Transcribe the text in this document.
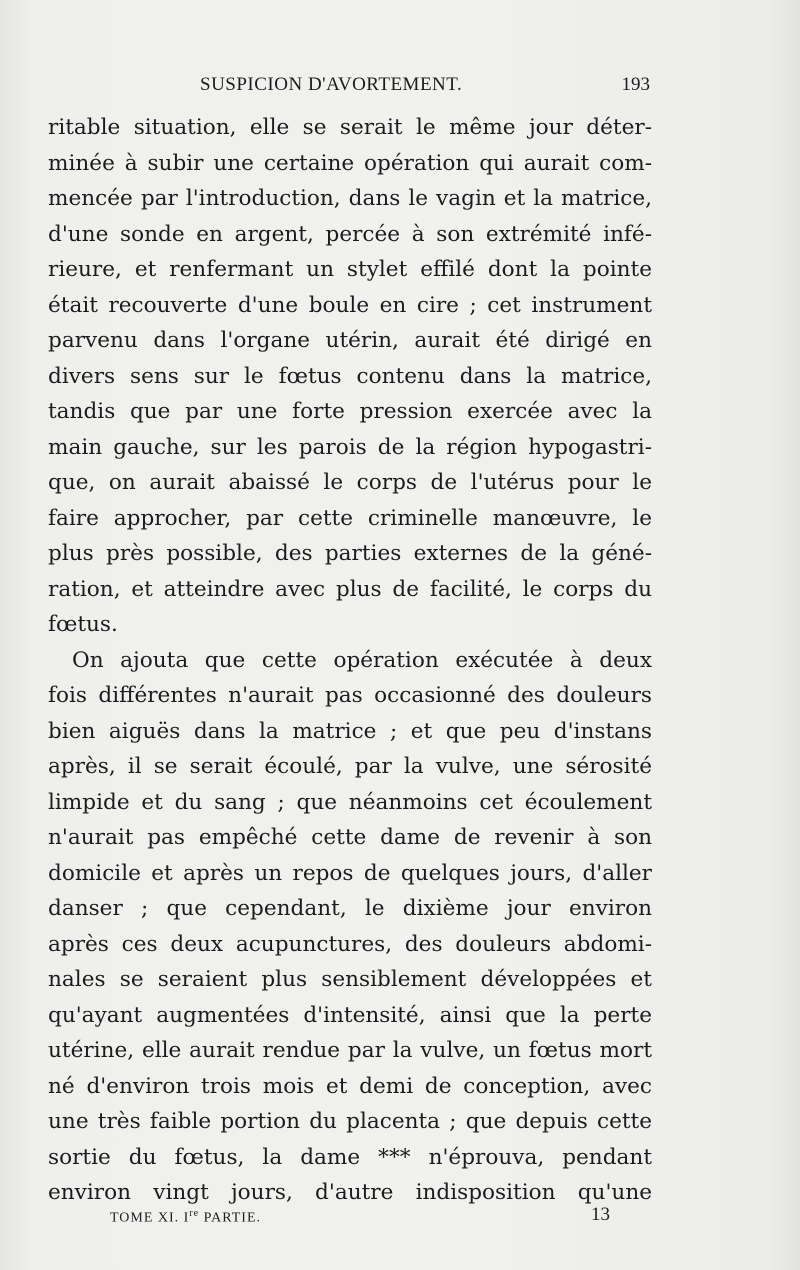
SUSPICION D'AVORTEMENT.	193
ritable situation, elle se serait le même jour déter-
minée à subir une certaine opération qui aurait com-
mencée par l'introduction, dans le vagin et la matrice,
d'une sonde en argent, percée à son extrémité infé-
rieure, et renfermant un stylet effilé dont la pointe
était recouverte d'une boule en cire ; cet instrument
parvenu dans l'organe utérin, aurait été dirigé en
divers sens sur le fœtus contenu dans la matrice,
tandis que par une forte pression exercée avec la
main gauche, sur les parois de la région hypogastri-
que, on aurait abaissé le corps de l'utérus pour le
faire approcher, par cette criminelle manœuvre, le
plus près possible, des parties externes de la géné-
ration, et atteindre avec plus de facilité, le corps du
fœtus.
On ajouta que cette opération exécutée à deux
fois différentes n'aurait pas occasionné des douleurs
bien aiguës dans la matrice ; et que peu d'instans
après, il se serait écoulé, par la vulve, une sérosité
limpide et du sang ; que néanmoins cet écoulement
n'aurait pas empêché cette dame de revenir à son
domicile et après un repos de quelques jours, d'aller
danser ; que cependant, le dixième jour environ
après ces deux acupunctures, des douleurs abdomi-
nales se seraient plus sensiblement développées et
qu'ayant augmentées d'intensité, ainsi que la perte
utérine, elle aurait rendue par la vulve, un fœtus mort
né d'environ trois mois et demi de conception, avec
une très faible portion du placenta ; que depuis cette
sortie du fœtus, la dame *** n'éprouva, pendant
environ vingt jours, d'autre indisposition qu'une
TOME XI. Ire PARTIE.	13
